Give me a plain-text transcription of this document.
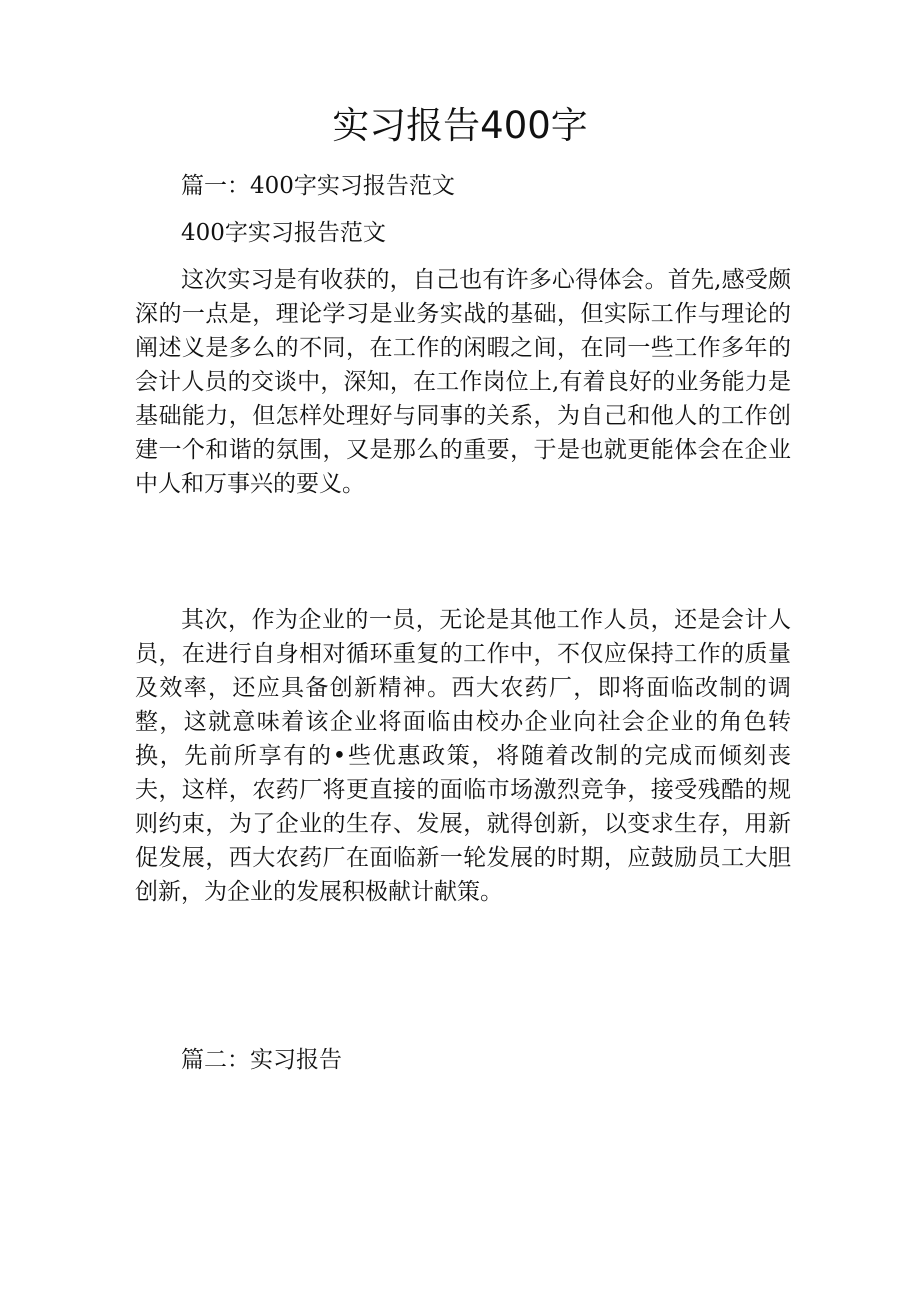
实习报告400字
篇一：400字实习报告范文
400字实习报告范文

这次实习是有收获的，自己也有许多心得体会。首先,感受颇深的一点是，理论学习是业务实战的基础，但实际工作与理论的阐述义是多么的不同，在工作的闲暇之间，在同一些工作多年的会计人员的交谈中，深知，在工作岗位上,有着良好的业务能力是基础能力，但怎样处理好与同事的关系，为自己和他人的工作创建一个和谐的氛围，又是那么的重要，于是也就更能体会在企业中人和万事兴的要义。

其次，作为企业的一员，无论是其他工作人员，还是会计人员，在进行自身相对循环重复的工作中，不仅应保持工作的质量及效率，还应具备创新精神。西大农药厂，即将面临改制的调整，这就意味着该企业将面临由校办企业向社会企业的角色转换，先前所享有的•些优惠政策，将随着改制的完成而倾刻丧夫，这样，农药厂将更直接的面临市场激烈竞争，接受残酷的规则约束，为了企业的生存、发展，就得创新，以变求生存，用新促发展，西大农药厂在面临新一轮发展的时期，应鼓励员工大胆创新，为企业的发展积极献计献策。

篇二：实习报告
